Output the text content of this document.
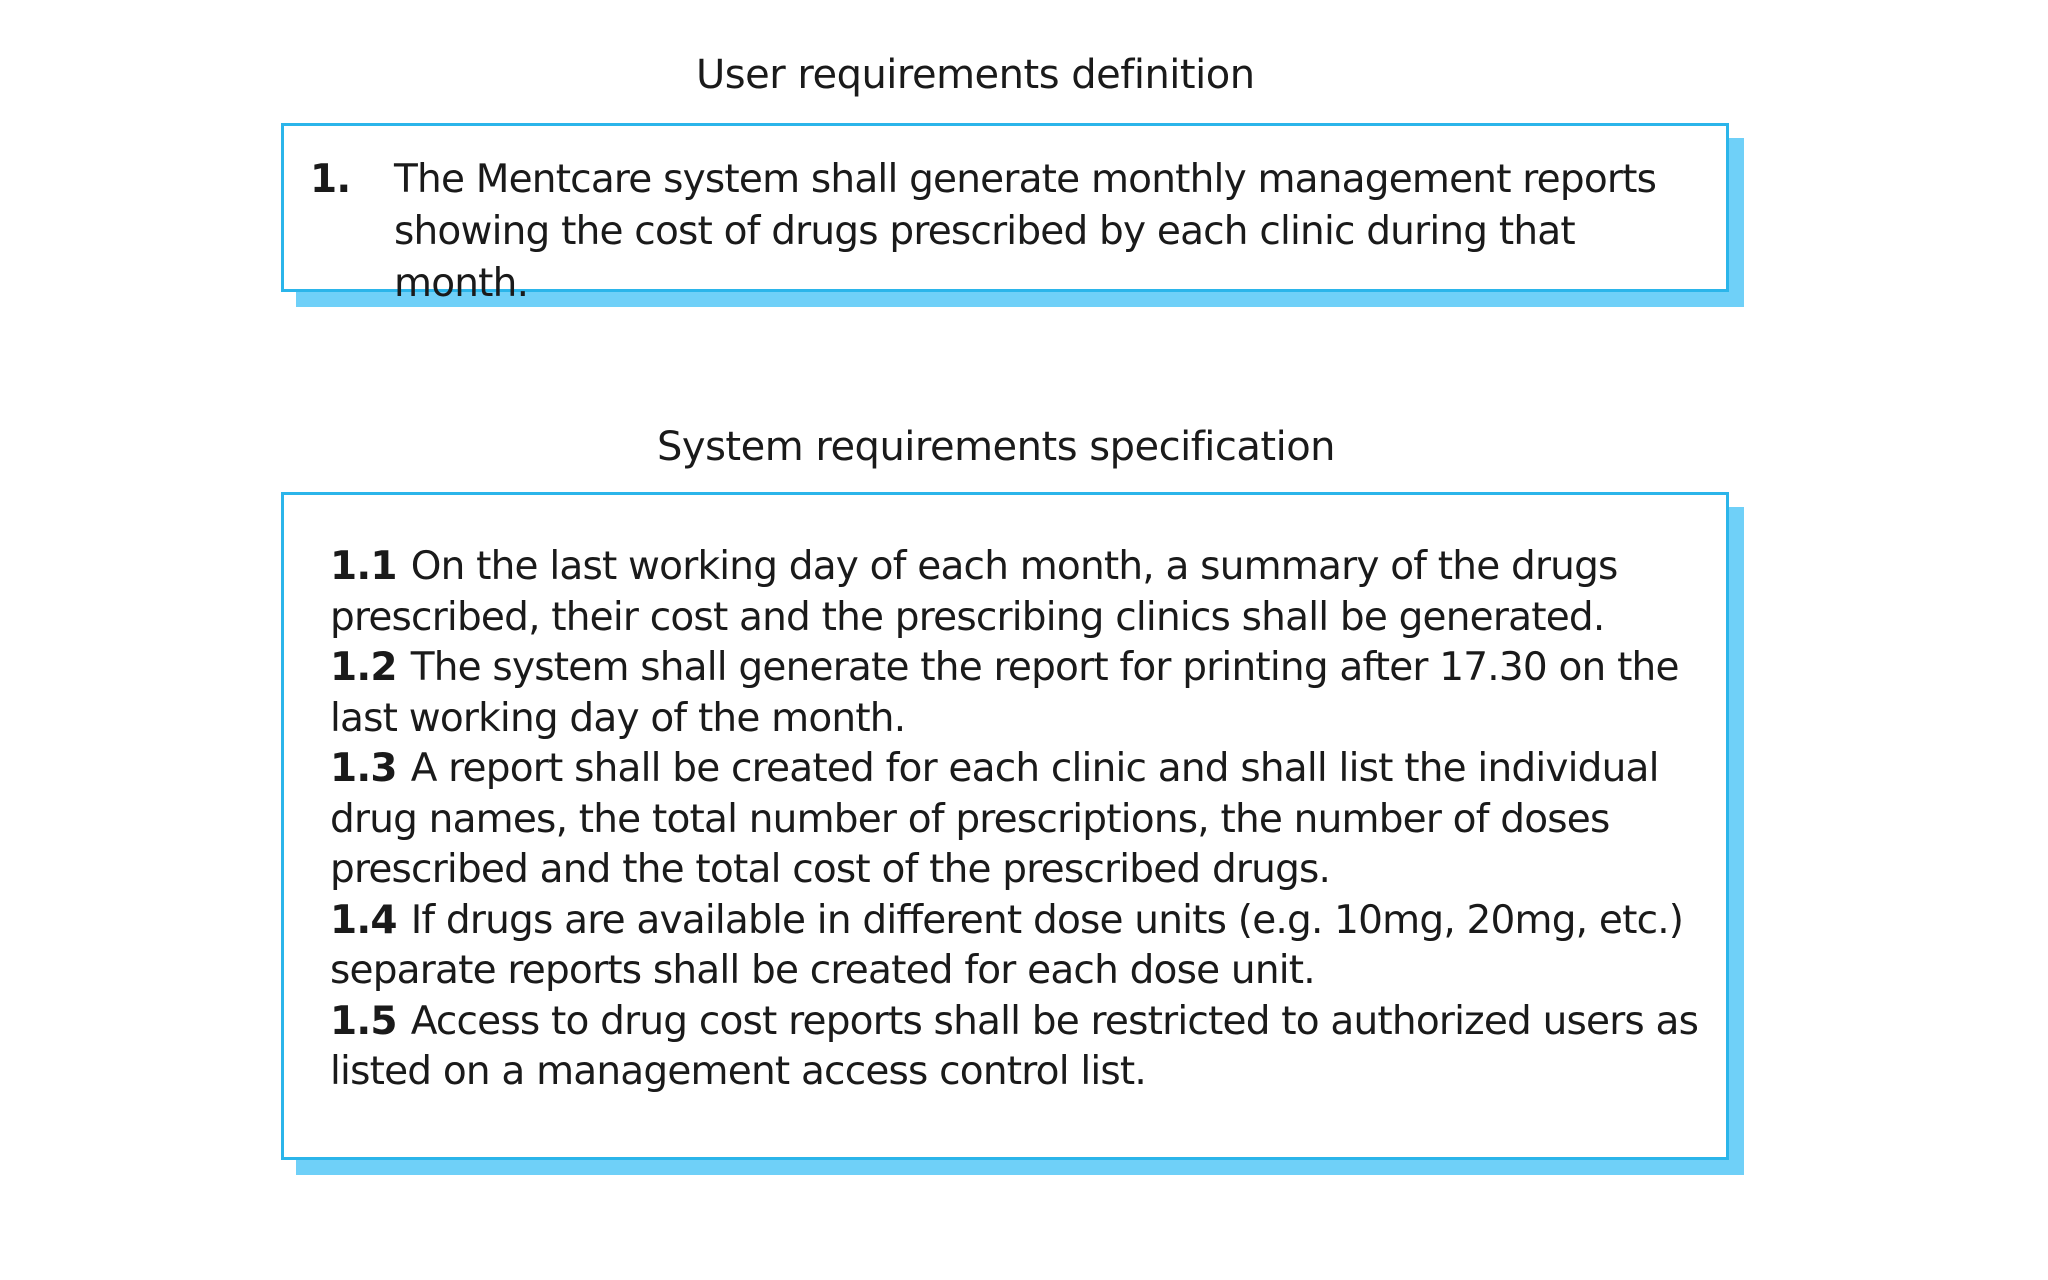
User requirements definition
1.	The Mentcare system shall generate monthly management reports showing the cost of drugs prescribed by each clinic during that month.
System requirements specification

1.1 On the last working day of each month, a summary of the drugs prescribed, their cost and the prescribing clinics shall be generated.

1.2 The system shall generate the report for printing after 17.30 on the last working day of the month.

1.3 A report shall be created for each clinic and shall list the individual drug names, the total number of prescriptions, the number of doses prescribed and the total cost of the prescribed drugs.

1.4 If drugs are available in different dose units (e.g. 10mg, 20mg, etc.) separate reports shall be created for each dose unit.

1.5 Access to drug cost reports shall be restricted to authorized users as listed on a management access control list.
